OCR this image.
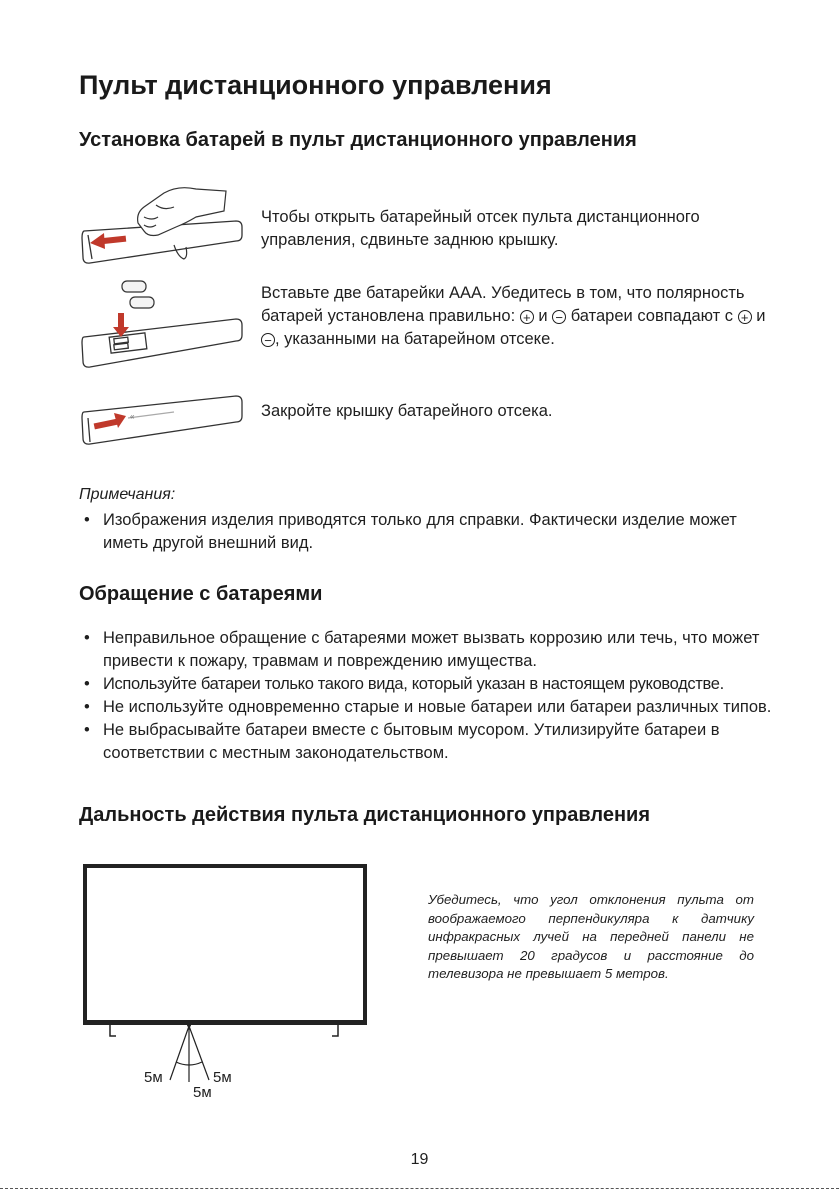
Пульт дистанционного управления
Установка батарей в пульт дистанционного управления
Чтобы открыть батарейный отсек пульта дистанционного управления, сдвиньте заднюю крышку.
Вставьте две батарейки AAA. Убедитесь в том, что полярность батарей установлена правильно: + и − батареи совпадают с + и − , указанными на батарейном отсеке.
«	Закройте крышку батарейного отсека.
Примечания:
• Изображения изделия приводятся только для справки. Фактически изделие может иметь другой внешний вид.
Обращение с батареями
• Неправильное обращение с батареями может вызвать коррозию или течь, что может привести к пожару, травмам и повреждению имущества.
• Используйте батареи только такого вида, который указан в настоящем руководстве.
• Не используйте одновременно старые и новые батареи или батареи различных типов.
• Не выбрасывайте батареи вместе с бытовым мусором. Утилизируйте батареи в соответствии с местным законодательством.
Дальность действия пульта дистанционного управления
5м	5м
5м
Убедитесь, что угол отклонения пульта от воображаемого перпендикуляра к датчику инфракрасных лучей на передней панели не превышает 20 градусов и расстояние до телевизора не превышает 5 метров.
19
